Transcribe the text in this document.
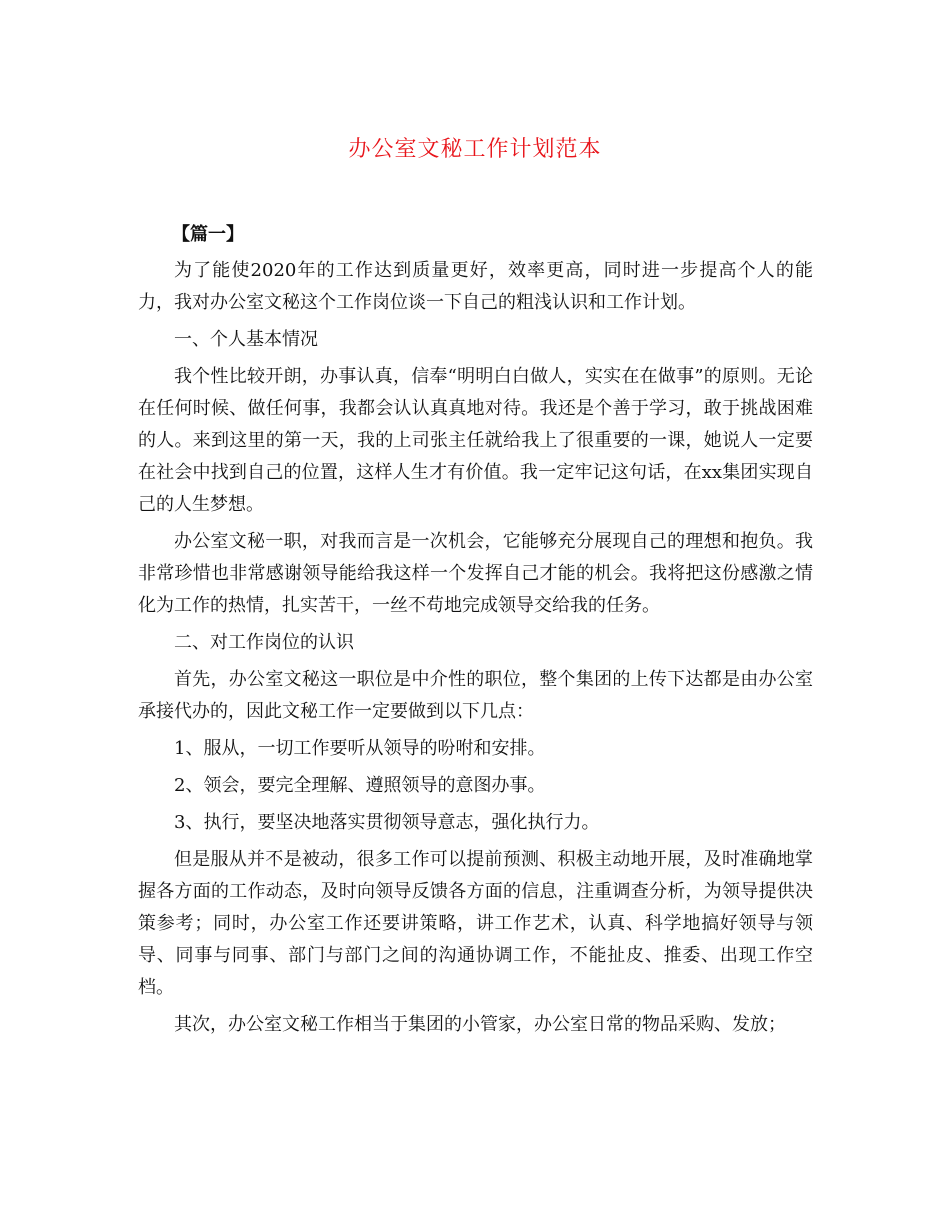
办公室文秘工作计划范本
【篇一】

为了能使2020年的工作达到质量更好，效率更高，同时进一步提高个人的能力，我对办公室文秘这个工作岗位谈一下自己的粗浅认识和工作计划。

一、个人基本情况

我个性比较开朗，办事认真，信奉“明明白白做人，实实在在做事”的原则。无论在任何时候、做任何事，我都会认认真真地对待。我还是个善于学习，敢于挑战困难的人。来到这里的第一天，我的上司张主任就给我上了很重要的一课，她说人一定要在社会中找到自己的位置，这样人生才有价值。我一定牢记这句话，在xx集团实现自己的人生梦想。

办公室文秘一职，对我而言是一次机会，它能够充分展现自己的理想和抱负。我非常珍惜也非常感谢领导能给我这样一个发挥自己才能的机会。我将把这份感激之情化为工作的热情，扎实苦干，一丝不苟地完成领导交给我的任务。

二、对工作岗位的认识

首先，办公室文秘这一职位是中介性的职位，整个集团的上传下达都是由办公室承接代办的，因此文秘工作一定要做到以下几点：

1、服从，一切工作要听从领导的吩咐和安排。

2、领会，要完全理解、遵照领导的意图办事。

3、执行，要坚决地落实贯彻领导意志，强化执行力。

但是服从并不是被动，很多工作可以提前预测、积极主动地开展，及时准确地掌握各方面的工作动态，及时向领导反馈各方面的信息，注重调查分析，为领导提供决策参考；同时，办公室工作还要讲策略，讲工作艺术，认真、科学地搞好领导与领导、同事与同事、部门与部门之间的沟通协调工作，不能扯皮、推委、出现工作空档。

其次，办公室文秘工作相当于集团的小管家，办公室日常的物品采购、发放；
